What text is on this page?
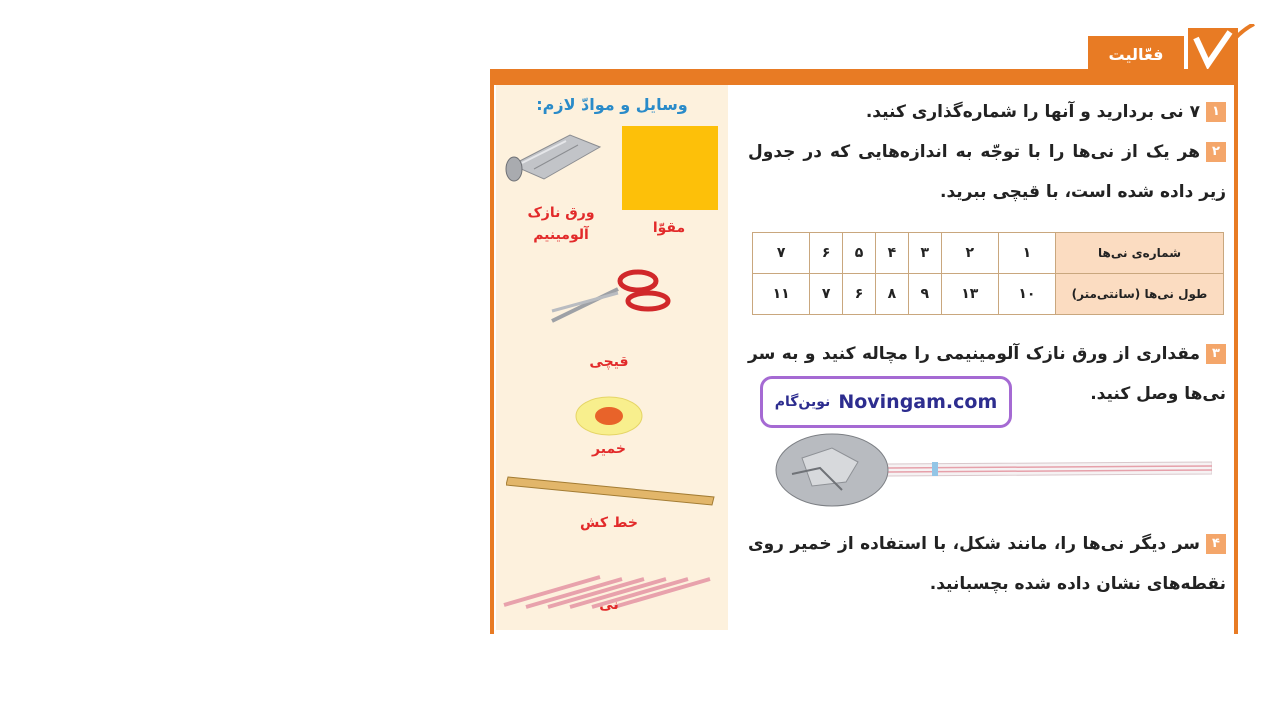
فعّالیت
وسایل و موادّ لازم:
مقوّا
ورق نازک آلومینیم
قیچی
خمیر
خط کش
نی
۱۷ نی بردارید و آنها را شماره‌گذاری کنید.
۲هر یک از نی‌ها را با توجّه به اندازه‌هایی که در جدول زیر داده شده است، با قیچی ببرید.
شماره‌ی نی‌ها	۱	۲	۳	۴	۵	۶	۷
طول نی‌ها (سانتی‌متر)	۱۰	۱۳	۹	۸	۶	۷	۱۱
۳مقداری از ورق نازک آلومینیمی را مچاله کنید و به سر نی‌ها وصل کنید.
نوین‌گام Novingam.com
۴سر دیگر نی‌ها را، مانند شکل، با استفاده از خمیر روی نقطه‌های نشان داده شده بچسبانید.
